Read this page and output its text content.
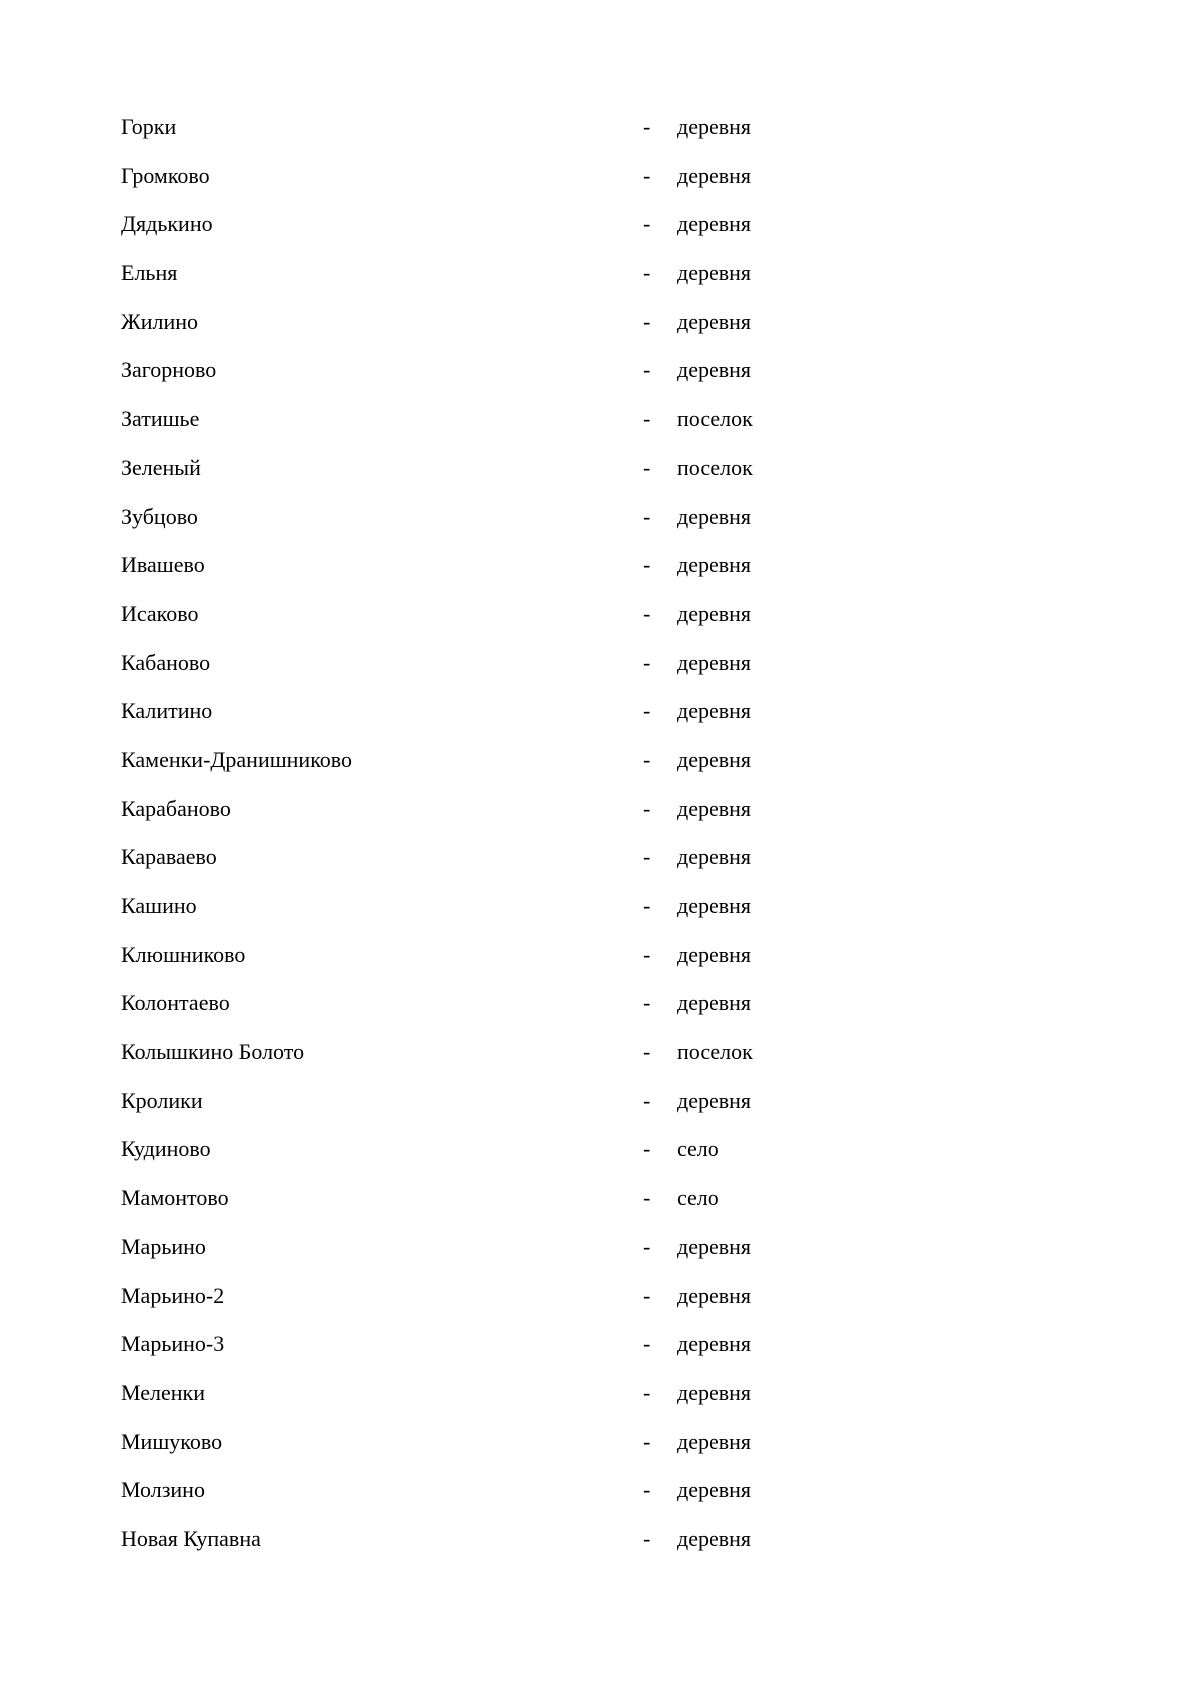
Горки	- деревня
Громково	- деревня
Дядькино	- деревня
Ельня	- деревня
Жилино	- деревня
Загорново	- деревня
Затишье	- поселок
Зеленый	- поселок
Зубцово	- деревня
Ивашево	- деревня
Исаково	- деревня
Кабаново	- деревня
Калитино	- деревня
Каменки-Дранишниково	- деревня
Карабаново	- деревня
Караваево	- деревня
Кашино	- деревня
Клюшниково	- деревня
Колонтаево	- деревня
Колышкино Болото	- поселок
Кролики	- деревня
Кудиново	- село
Мамонтово	- село
Марьино	- деревня
Марьино-2	- деревня
Марьино-3	- деревня
Меленки	- деревня
Мишуково	- деревня
Молзино	- деревня
Новая Купавна	- деревня
